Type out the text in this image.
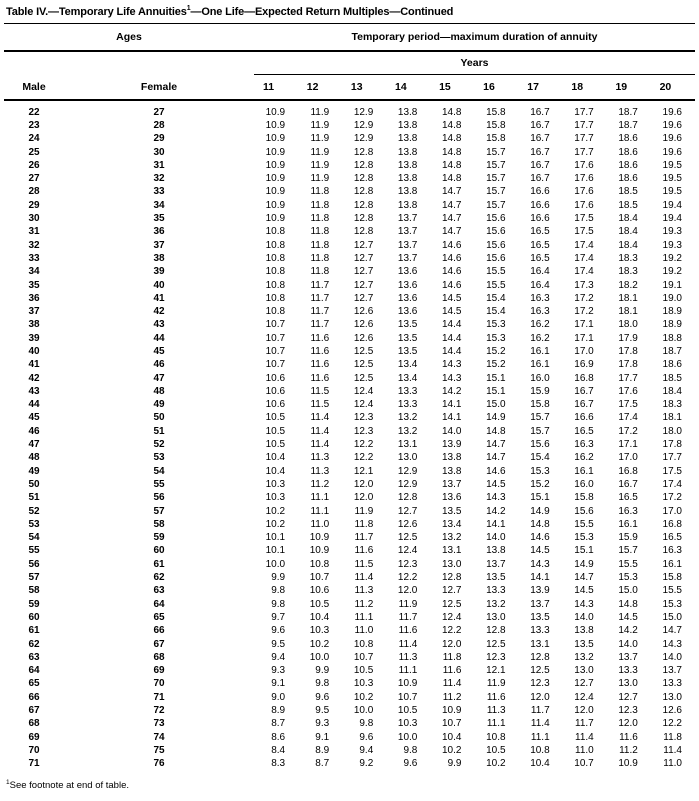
Table IV.—Temporary Life Annuities$^1$—One Life—Expected Return Multiples—Continued
Ages		Temporary period—maximum duration of annuity									
		Years									
Male	Female	11	12	13	14	15	16	17	18	19	20
22	27	10.9	11.9	12.9	13.8	14.8	15.8	16.7	17.7	18.7	19.6
23	28	10.9	11.9	12.9	13.8	14.8	15.8	16.7	17.7	18.7	19.6
24	29	10.9	11.9	12.9	13.8	14.8	15.8	16.7	17.7	18.6	19.6
25	30	10.9	11.9	12.8	13.8	14.8	15.7	16.7	17.7	18.6	19.6
26	31	10.9	11.9	12.8	13.8	14.8	15.7	16.7	17.6	18.6	19.5
27	32	10.9	11.9	12.8	13.8	14.8	15.7	16.7	17.6	18.6	19.5
28	33	10.9	11.8	12.8	13.8	14.7	15.7	16.6	17.6	18.5	19.5
29	34	10.9	11.8	12.8	13.8	14.7	15.7	16.6	17.6	18.5	19.4
30	35	10.9	11.8	12.8	13.7	14.7	15.6	16.6	17.5	18.4	19.4
31	36	10.8	11.8	12.8	13.7	14.7	15.6	16.5	17.5	18.4	19.3
32	37	10.8	11.8	12.7	13.7	14.6	15.6	16.5	17.4	18.4	19.3
33	38	10.8	11.8	12.7	13.7	14.6	15.6	16.5	17.4	18.3	19.2
34	39	10.8	11.8	12.7	13.6	14.6	15.5	16.4	17.4	18.3	19.2
35	40	10.8	11.7	12.7	13.6	14.6	15.5	16.4	17.3	18.2	19.1
36	41	10.8	11.7	12.7	13.6	14.5	15.4	16.3	17.2	18.1	19.0
37	42	10.8	11.7	12.6	13.6	14.5	15.4	16.3	17.2	18.1	18.9
38	43	10.7	11.7	12.6	13.5	14.4	15.3	16.2	17.1	18.0	18.9
39	44	10.7	11.6	12.6	13.5	14.4	15.3	16.2	17.1	17.9	18.8
40	45	10.7	11.6	12.5	13.5	14.4	15.2	16.1	17.0	17.8	18.7
41	46	10.7	11.6	12.5	13.4	14.3	15.2	16.1	16.9	17.8	18.6
42	47	10.6	11.6	12.5	13.4	14.3	15.1	16.0	16.8	17.7	18.5
43	48	10.6	11.5	12.4	13.3	14.2	15.1	15.9	16.7	17.6	18.4
44	49	10.6	11.5	12.4	13.3	14.1	15.0	15.8	16.7	17.5	18.3
45	50	10.5	11.4	12.3	13.2	14.1	14.9	15.7	16.6	17.4	18.1
46	51	10.5	11.4	12.3	13.2	14.0	14.8	15.7	16.5	17.2	18.0
47	52	10.5	11.4	12.2	13.1	13.9	14.7	15.6	16.3	17.1	17.8
48	53	10.4	11.3	12.2	13.0	13.8	14.7	15.4	16.2	17.0	17.7
49	54	10.4	11.3	12.1	12.9	13.8	14.6	15.3	16.1	16.8	17.5
50	55	10.3	11.2	12.0	12.9	13.7	14.5	15.2	16.0	16.7	17.4
51	56	10.3	11.1	12.0	12.8	13.6	14.3	15.1	15.8	16.5	17.2
52	57	10.2	11.1	11.9	12.7	13.5	14.2	14.9	15.6	16.3	17.0
53	58	10.2	11.0	11.8	12.6	13.4	14.1	14.8	15.5	16.1	16.8
54	59	10.1	10.9	11.7	12.5	13.2	14.0	14.6	15.3	15.9	16.5
55	60	10.1	10.9	11.6	12.4	13.1	13.8	14.5	15.1	15.7	16.3
56	61	10.0	10.8	11.5	12.3	13.0	13.7	14.3	14.9	15.5	16.1
57	62	9.9	10.7	11.4	12.2	12.8	13.5	14.1	14.7	15.3	15.8
58	63	9.8	10.6	11.3	12.0	12.7	13.3	13.9	14.5	15.0	15.5
59	64	9.8	10.5	11.2	11.9	12.5	13.2	13.7	14.3	14.8	15.3
60	65	9.7	10.4	11.1	11.7	12.4	13.0	13.5	14.0	14.5	15.0
61	66	9.6	10.3	11.0	11.6	12.2	12.8	13.3	13.8	14.2	14.7
62	67	9.5	10.2	10.8	11.4	12.0	12.5	13.1	13.5	14.0	14.3
63	68	9.4	10.0	10.7	11.3	11.8	12.3	12.8	13.2	13.7	14.0
64	69	9.3	9.9	10.5	11.1	11.6	12.1	12.5	13.0	13.3	13.7
65	70	9.1	9.8	10.3	10.9	11.4	11.9	12.3	12.7	13.0	13.3
66	71	9.0	9.6	10.2	10.7	11.2	11.6	12.0	12.4	12.7	13.0
67	72	8.9	9.5	10.0	10.5	10.9	11.3	11.7	12.0	12.3	12.6
68	73	8.7	9.3	9.8	10.3	10.7	11.1	11.4	11.7	12.0	12.2
69	74	8.6	9.1	9.6	10.0	10.4	10.8	11.1	11.4	11.6	11.8
70	75	8.4	8.9	9.4	9.8	10.2	10.5	10.8	11.0	11.2	11.4
71	76	8.3	8.7	9.2	9.6	9.9	10.2	10.4	10.7	10.9	11.0
$^1$See footnote at end of table.
